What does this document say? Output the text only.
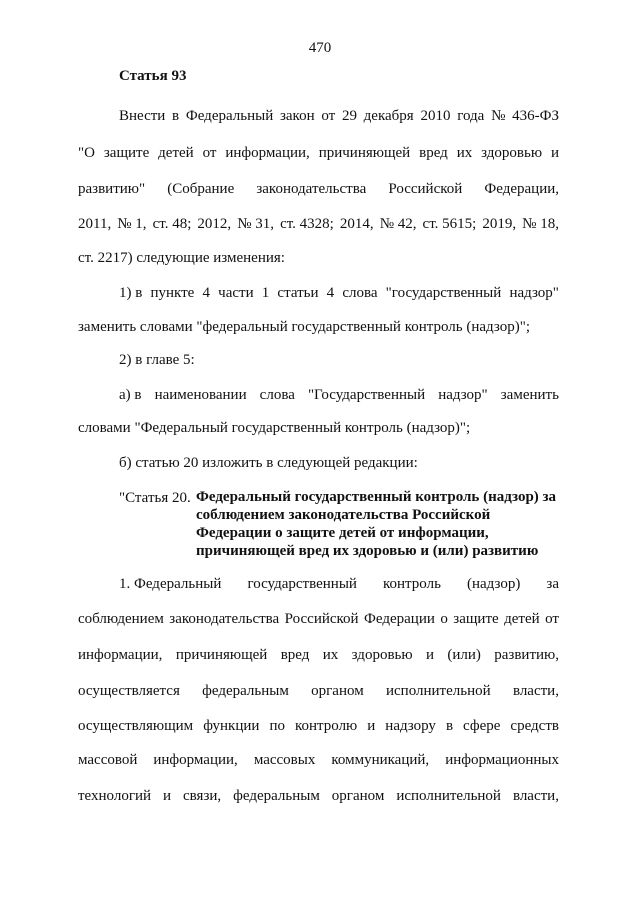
470
Статья 93
Внести в Федеральный закон от 29 декабря 2010 года № 436-ФЗ
"О защите детей от информации, причиняющей вред их здоровью и
развитию" (Собрание законодательства Российской Федерации,
2011, № 1, ст. 48; 2012, № 31, ст. 4328; 2014, № 42, ст. 5615; 2019, № 18,
ст. 2217) следующие изменения:
1) в пункте 4 части 1 статьи 4 слова "государственный надзор"
заменить словами "федеральный государственный контроль (надзор)";
2) в главе 5:
а) в наименовании слова "Государственный надзор" заменить
словами "Федеральный государственный контроль (надзор)";
б) статью 20 изложить в следующей редакции:
"Статья 20. Федеральный государственный контроль (надзор) за
соблюдением законодательства Российской
Федерации о защите детей от информации,
причиняющей вред их здоровью и (или) развитию
1. Федеральный государственный контроль (надзор) за
соблюдением законодательства Российской Федерации о защите детей от
информации, причиняющей вред их здоровью и (или) развитию,
осуществляется федеральным органом исполнительной власти,
осуществляющим функции по контролю и надзору в сфере средств
массовой информации, массовых коммуникаций, информационных
технологий и связи, федеральным органом исполнительной власти,
